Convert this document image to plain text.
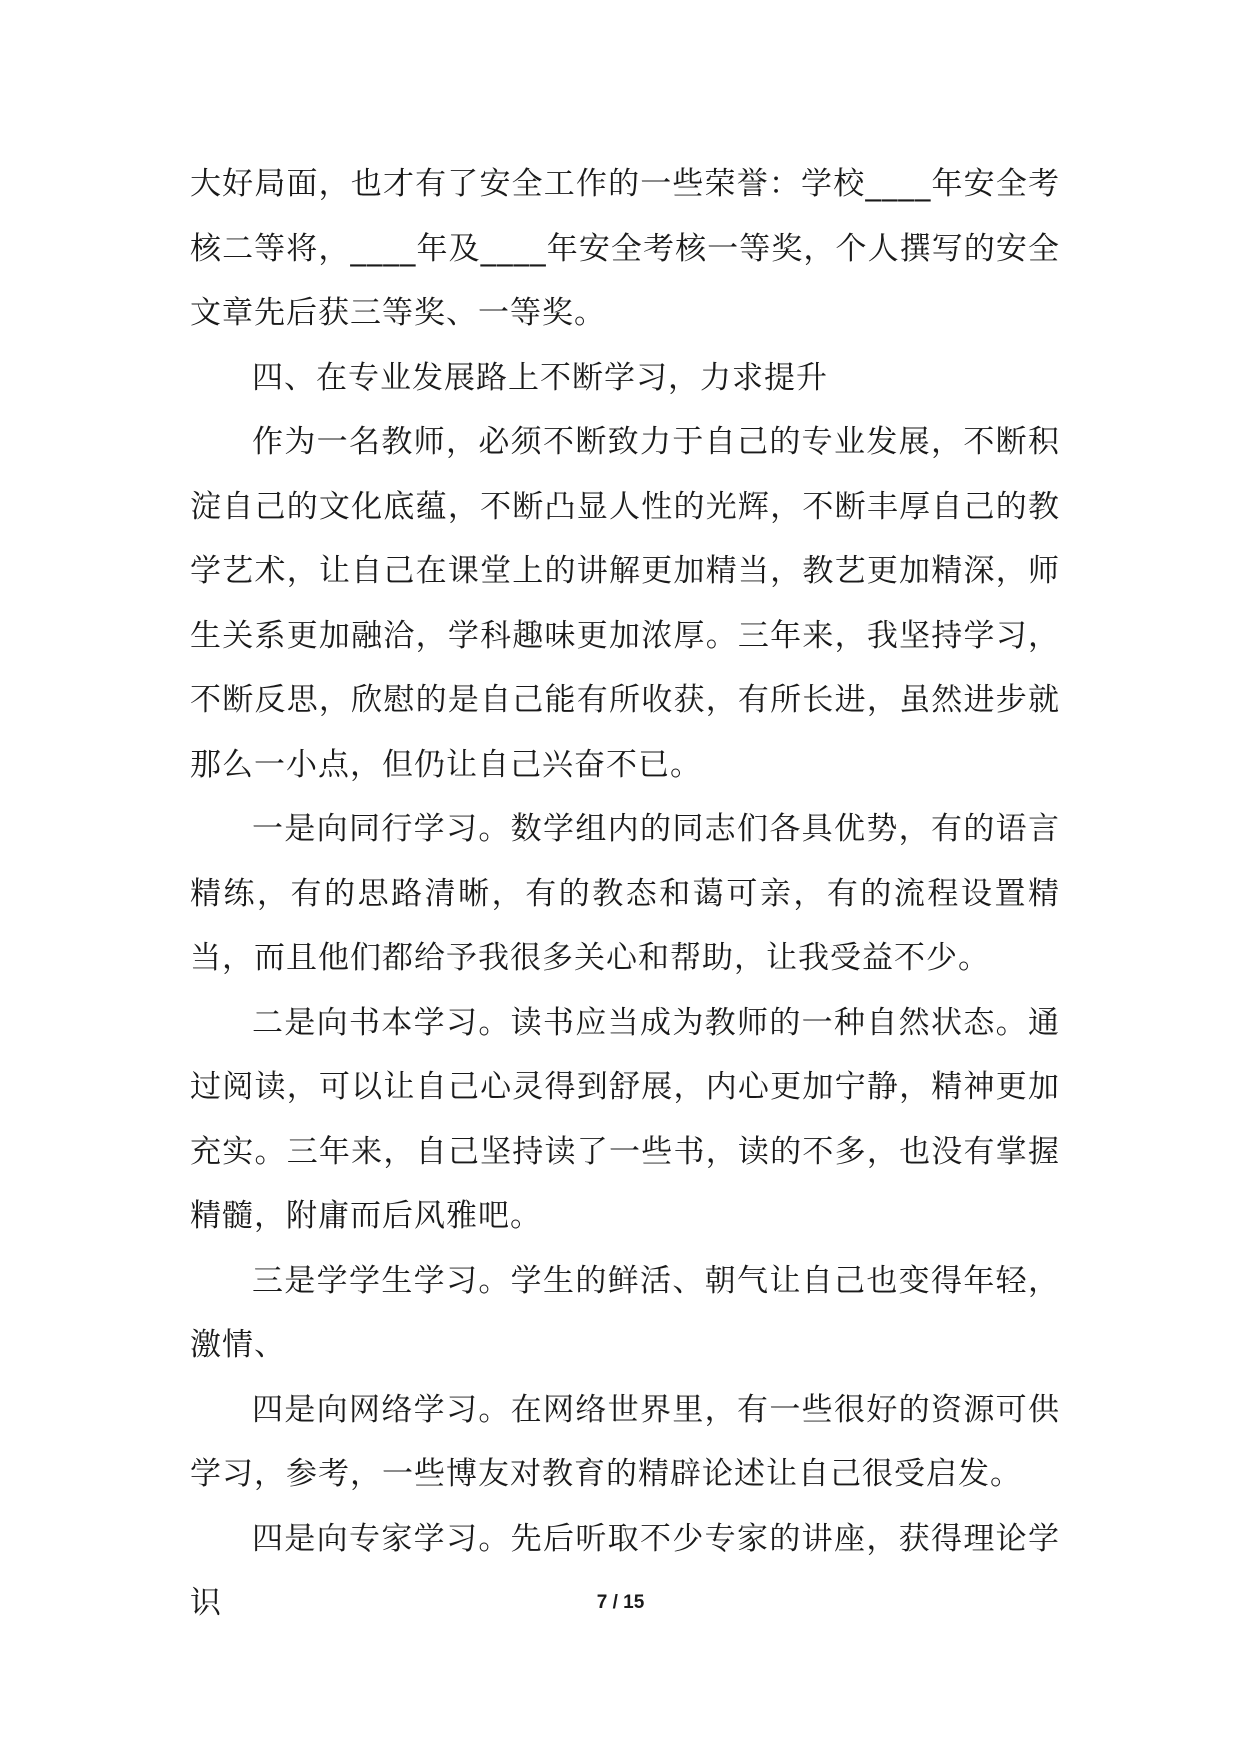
大好局面，也才有了安全工作的一些荣誉：学校____年安全考核二等将，____年及____年安全考核一等奖，个人撰写的安全文章先后获三等奖、一等奖。

四、在专业发展路上不断学习，力求提升

作为一名教师，必须不断致力于自己的专业发展，不断积淀自己的文化底蕴，不断凸显人性的光辉，不断丰厚自己的教学艺术，让自己在课堂上的讲解更加精当，教艺更加精深，师生关系更加融洽，学科趣味更加浓厚。三年来，我坚持学习，不断反思，欣慰的是自己能有所收获，有所长进，虽然进步就那么一小点，但仍让自己兴奋不已。

一是向同行学习。数学组内的同志们各具优势，有的语言精练，有的思路清晰，有的教态和蔼可亲，有的流程设置精当，而且他们都给予我很多关心和帮助，让我受益不少。

二是向书本学习。读书应当成为教师的一种自然状态。通过阅读，可以让自己心灵得到舒展，内心更加宁静，精神更加充实。三年来，自己坚持读了一些书，读的不多，也没有掌握精髓，附庸而后风雅吧。

三是学学生学习。学生的鲜活、朝气让自己也变得年轻，激情、

四是向网络学习。在网络世界里，有一些很好的资源可供学习，参考，一些博友对教育的精辟论述让自己很受启发。

四是向专家学习。先后听取不少专家的讲座，获得理论学识	7 / 15
